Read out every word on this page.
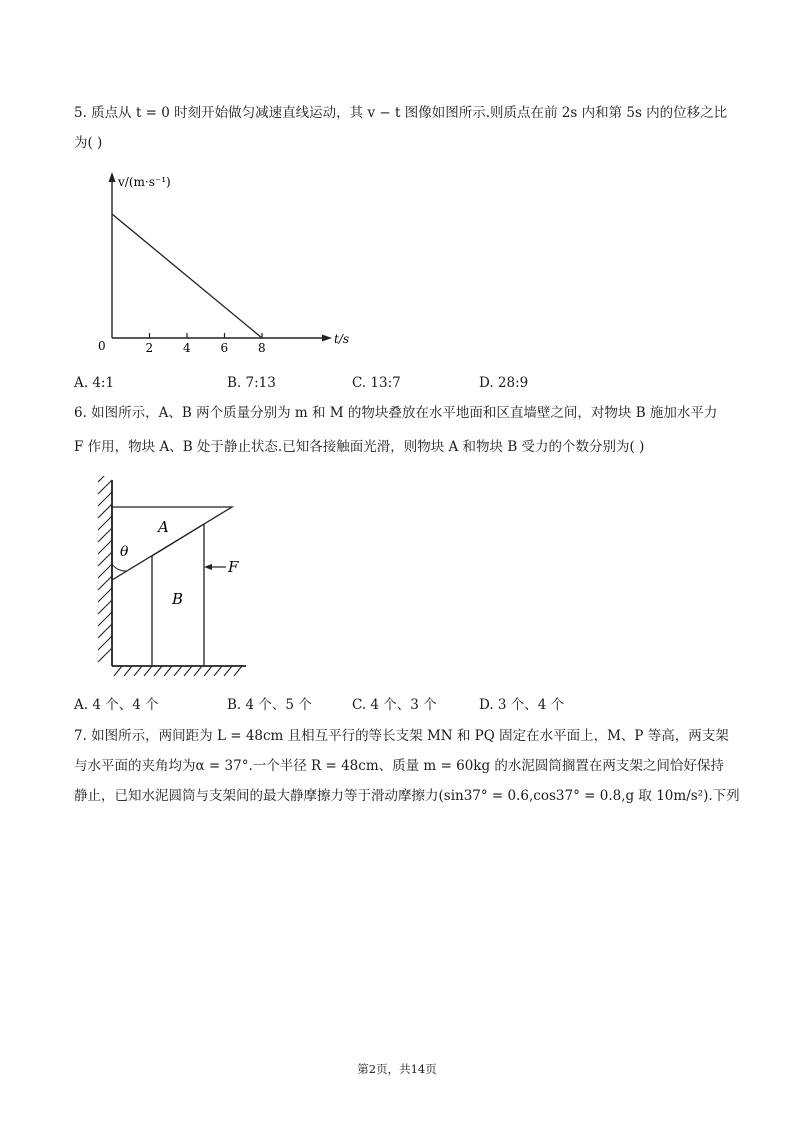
5. 质点从 t = 0 时刻开始做匀减速直线运动，其 v − t 图像如图所示.则质点在前 2s 内和第 5s 内的位移之比
为( )
v/(m·s⁻¹)
t/s
0	2 4 6 8
A. 4:1	B. 7:13	C. 13:7	D. 28:9
6. 如图所示，A、B 两个质量分别为 m 和 M 的物块叠放在水平地面和区直墙壁之间，对物块 B 施加水平力
F 作用，物块 A、B 处于静止状态.已知各接触面光滑，则物块 A 和物块 B 受力的个数分别为( )
A
B
θ
F
A. 4 个、4 个	B. 4 个、5 个	C. 4 个、3 个	D. 3 个、4 个
7. 如图所示，两间距为 L = 48cm 且相互平行的等长支架 MN 和 PQ 固定在水平面上，M、P 等高，两支架
与水平面的夹角均为α = 37°.一个半径 R = 48cm、质量 m = 60kg 的水泥圆筒搁置在两支架之间恰好保持
静止，已知水泥圆筒与支架间的最大静摩擦力等于滑动摩擦力(sin37° = 0.6,cos37° = 0.8,g 取 10m/s²).下列
第2页，共14页
